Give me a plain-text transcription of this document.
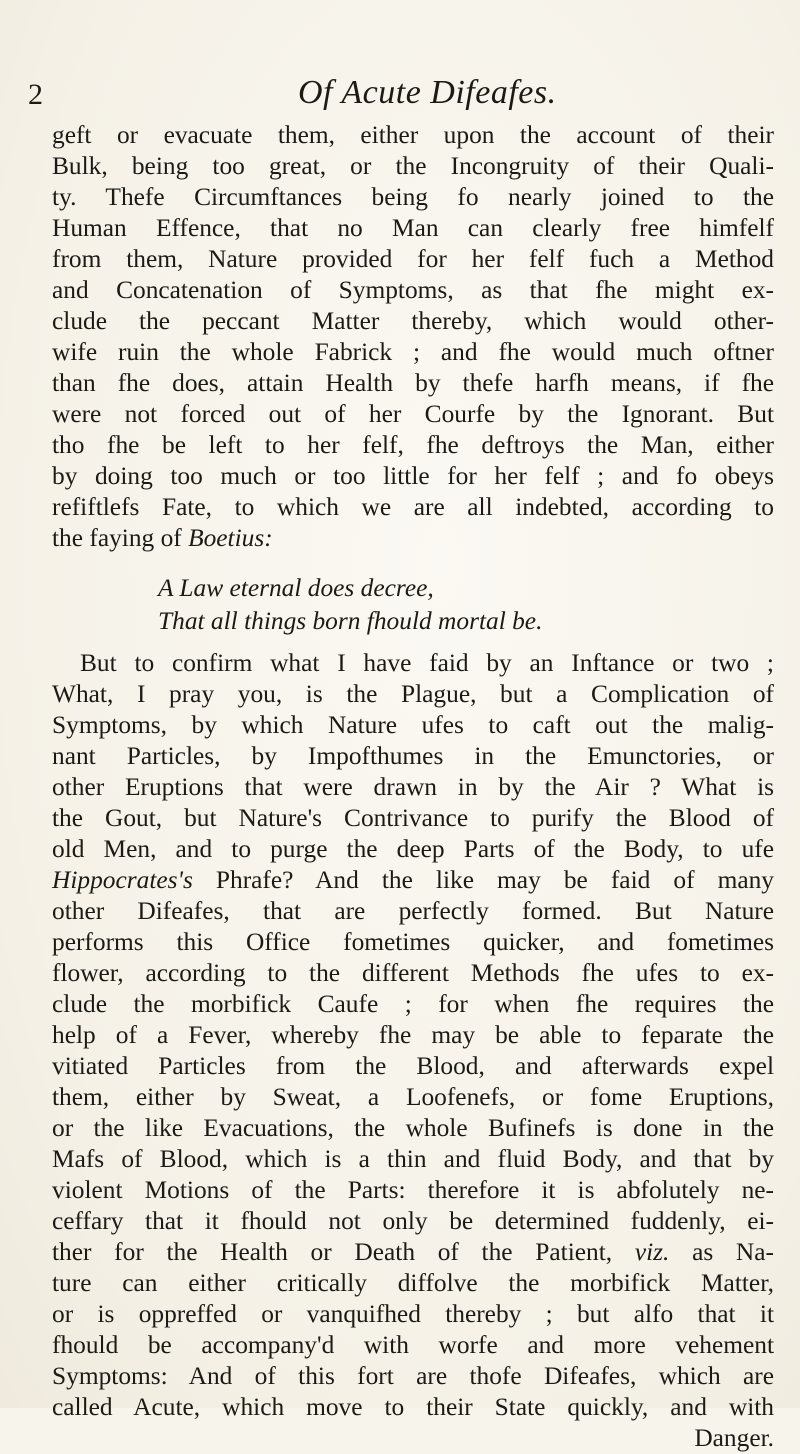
2	Of Acute Difeafes.
geft or evacuate them, either upon the account of their
Bulk, being too great, or the Incongruity of their Quali-
ty. Thefe Circumftances being fo nearly joined to the
Human Effence, that no Man can clearly free himfelf
from them, Nature provided for her felf fuch a Method
and Concatenation of Symptoms, as that fhe might ex-
clude the peccant Matter thereby, which would other-
wife ruin the whole Fabrick ; and fhe would much oftner
than fhe does, attain Health by thefe harfh means, if fhe
were not forced out of her Courfe by the Ignorant. But
tho fhe be left to her felf, fhe deftroys the Man, either
by doing too much or too little for her felf ; and fo obeys
refiftlefs Fate, to which we are all indebted, according to
the faying of Boetius:
A Law eternal does decree,
That all things born fhould mortal be.
But to confirm what I have faid by an Inftance or two ;
What, I pray you, is the Plague, but a Complication of
Symptoms, by which Nature ufes to caft out the malig-
nant Particles, by Impofthumes in the Emunctories, or
other Eruptions that were drawn in by the Air ? What is
the Gout, but Nature's Contrivance to purify the Blood of
old Men, and to purge the deep Parts of the Body, to ufe
Hippocrates's Phrafe? And the like may be faid of many
other Difeafes, that are perfectly formed. But Nature
performs this Office fometimes quicker, and fometimes
flower, according to the different Methods fhe ufes to ex-
clude the morbifick Caufe ; for when fhe requires the
help of a Fever, whereby fhe may be able to feparate the
vitiated Particles from the Blood, and afterwards expel
them, either by Sweat, a Loofenefs, or fome Eruptions,
or the like Evacuations, the whole Bufinefs is done in the
Mafs of Blood, which is a thin and fluid Body, and that by
violent Motions of the Parts: therefore it is abfolutely ne-
ceffary that it fhould not only be determined fuddenly, ei-
ther for the Health or Death of the Patient, viz. as Na-
ture can either critically diffolve the morbifick Matter,
or is oppreffed or vanquifhed thereby ; but alfo that it
fhould be accompany'd with worfe and more vehement
Symptoms: And of this fort are thofe Difeafes, which are
called Acute, which move to their State quickly, and with
Danger.
